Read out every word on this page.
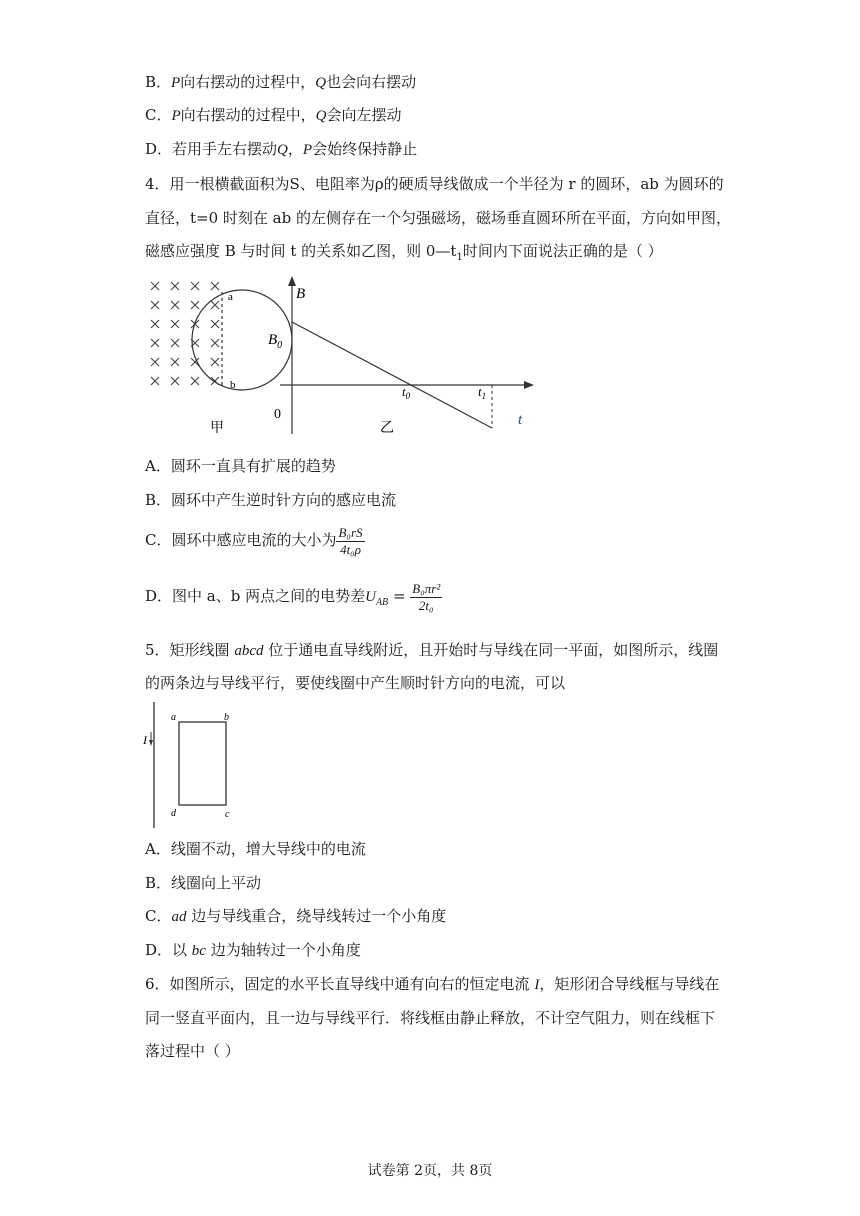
B．P向右摆动的过程中，Q也会向右摆动
C．P向右摆动的过程中，Q会向左摆动
D．若用手左右摆动Q，P会始终保持静止
4．用一根横截面积为S、电阻率为ρ的硬质导线做成一个半径为 r 的圆环，ab 为圆环的
直径，t=0 时刻在 ab 的左侧存在一个匀强磁场，磁场垂直圆环所在平面，方向如甲图，
磁感应强度 B 与时间 t 的关系如乙图，则 $0—t_1$时间内下面说法正确的是（ ）
a
b
甲
B
$B_0$
0
$t_0$	$t_1$
t
乙
A．圆环一直具有扩展的趋势
B．圆环中产生逆时针方向的感应电流
C．圆环中感应电流的大小为 $\frac{\text{B₀rS}}{\text{4t₀ρ}}$
D．图中 a、b 两点之间的电势差$U_{AB} = \frac{\text{B₀πr²}}{\text{2t₀}}$
5．矩形线圈 abcd 位于通电直导线附近，且开始时与导线在同一平面，如图所示，线圈
的两条边与导线平行，要使线圈中产生顺时针方向的电流，可以
I
a	b
d	c
A．线圈不动，增大导线中的电流
B．线圈向上平动
C．ad 边与导线重合，绕导线转过一个小角度
D．以 bc 边为轴转过一个小角度
6．如图所示，固定的水平长直导线中通有向右的恒定电流 I，矩形闭合导线框与导线在
同一竖直平面内，且一边与导线平行．将线框由静止释放，不计空气阻力，则在线框下
落过程中（ ）
试卷第 2页，共 8页
